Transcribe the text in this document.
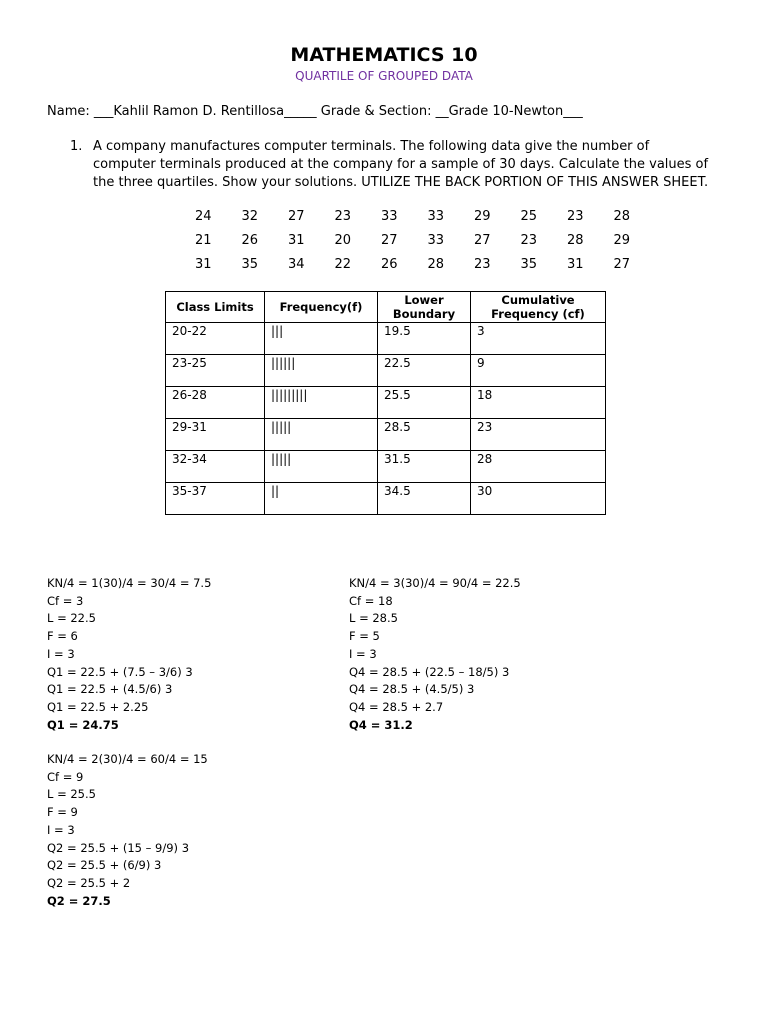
MATHEMATICS 10
QUARTILE OF GROUPED DATA
Name: ___Kahlil Ramon D. Rentillosa_____ Grade & Section: __Grade 10-Newton___
1. A company manufactures computer terminals. The following data give the number of computer terminals produced at the company for a sample of 30 days. Calculate the values of the three quartiles. Show your solutions. UTILIZE THE BACK PORTION OF THIS ANSWER SHEET.
24	32	27	23	33	33	29	25	23	28
21	26	31	20	27	33	27	23	28	29
31	35	34	22	26	28	23	35	31	27
Class Limits	Frequency(f)	Lower Boundary	Cumulative Frequency (cf)
20-22	|||	19.5	3
23-25	||||||	22.5	9
26-28	|||||||||	25.5	18
29-31	|||||	28.5	23
32-34	|||||	31.5	28
35-37	||	34.5	30
KN/4 = 1(30)/4 = 30/4 = 7.5
Cf = 3
L = 22.5
F = 6
I = 3
Q1 = 22.5 + (7.5 – 3/6) 3
Q1 = 22.5 + (4.5/6) 3
Q1 = 22.5 + 2.25
Q1 = 24.75
KN/4 = 3(30)/4 = 90/4 = 22.5
Cf = 18
L = 28.5
F = 5
I = 3
Q4 = 28.5 + (22.5 – 18/5) 3
Q4 = 28.5 + (4.5/5) 3
Q4 = 28.5 + 2.7
Q4 = 31.2
KN/4 = 2(30)/4 = 60/4 = 15
Cf = 9
L = 25.5
F = 9
I = 3
Q2 = 25.5 + (15 – 9/9) 3
Q2 = 25.5 + (6/9) 3
Q2 = 25.5 + 2
Q2 = 27.5
